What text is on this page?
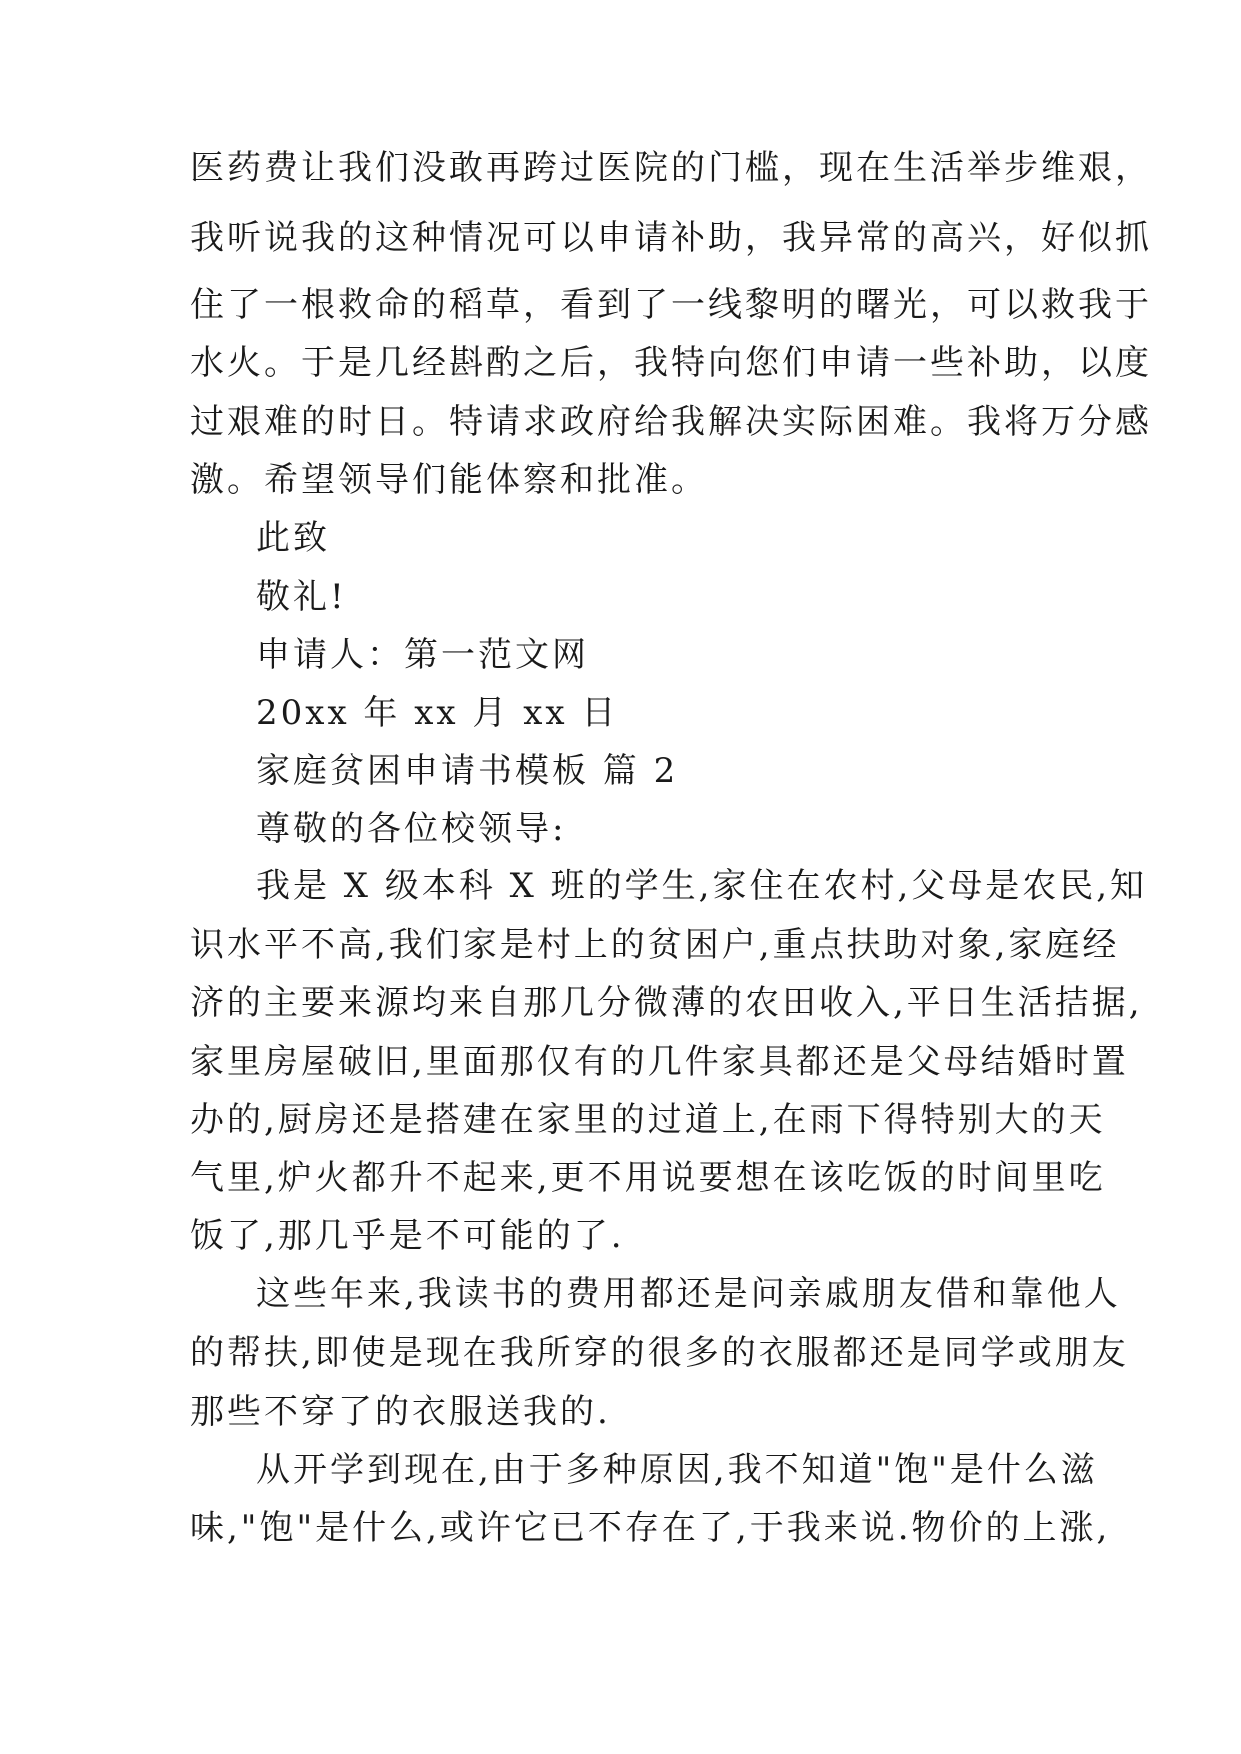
医药费让我们没敢再跨过医院的门槛，现在生活举步维艰，
我听说我的这种情况可以申请补助，我异常的高兴，好似抓
住了一根救命的稻草，看到了一线黎明的曙光，可以救我于
水火。于是几经斟酌之后，我特向您们申请一些补助，以度
过艰难的时日。特请求政府给我解决实际困难。我将万分感
激。希望领导们能体察和批准。
此致
敬礼!
申请人：第一范文网
20xx 年 xx 月 xx 日
家庭贫困申请书模板 篇 2
尊敬的各位校领导:
我是 X 级本科 X 班的学生,家住在农村,父母是农民,知
识水平不高,我们家是村上的贫困户,重点扶助对象,家庭经
济的主要来源均来自那几分微薄的农田收入,平日生活拮据,
家里房屋破旧,里面那仅有的几件家具都还是父母结婚时置
办的,厨房还是搭建在家里的过道上,在雨下得特别大的天
气里,炉火都升不起来,更不用说要想在该吃饭的时间里吃
饭了,那几乎是不可能的了.
这些年来,我读书的费用都还是问亲戚朋友借和靠他人
的帮扶,即使是现在我所穿的很多的衣服都还是同学或朋友
那些不穿了的衣服送我的.
从开学到现在,由于多种原因,我不知道"饱"是什么滋
味,"饱"是什么,或许它已不存在了,于我来说.物价的上涨,
